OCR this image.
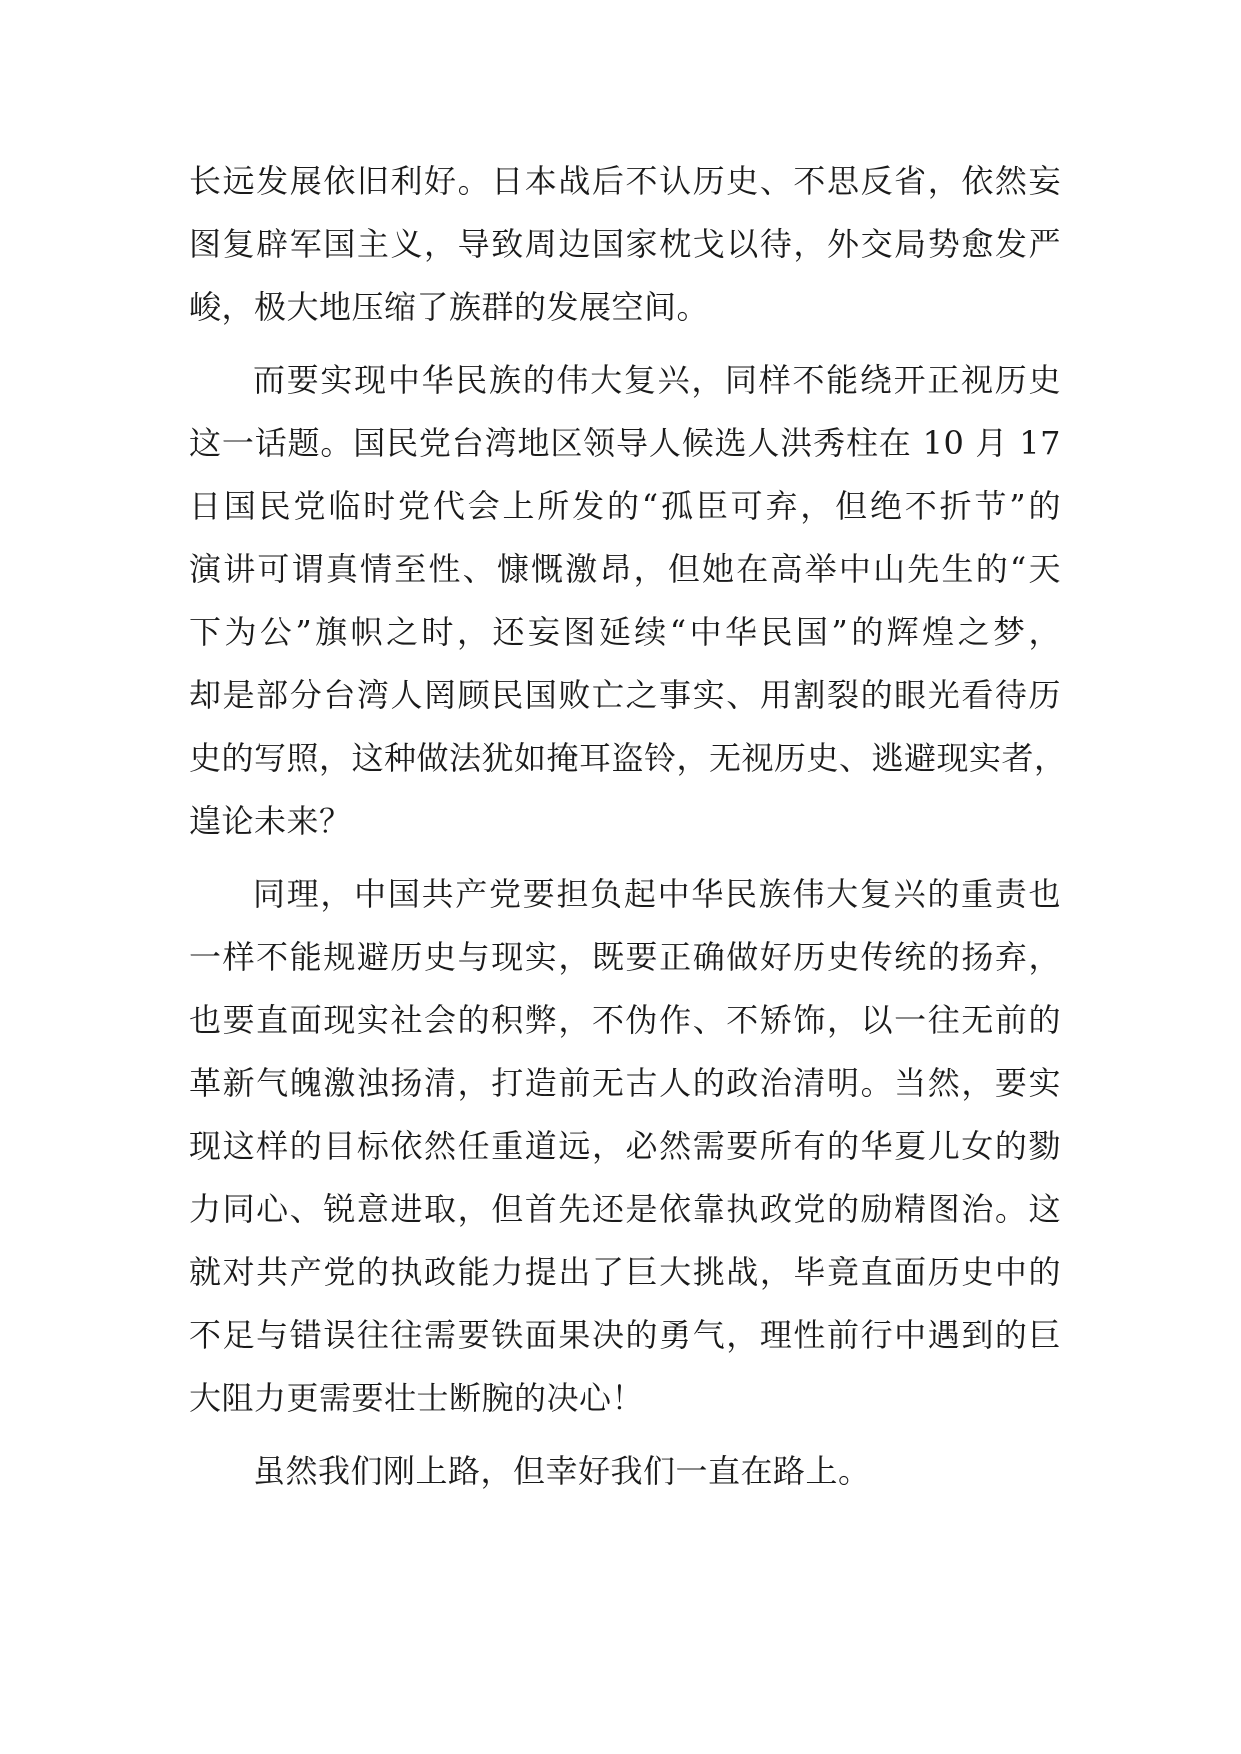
长远发展依旧利好。日本战后不认历史、不思反省，依然妄
图复辟军国主义，导致周边国家枕戈以待，外交局势愈发严
峻，极大地压缩了族群的发展空间。
而要实现中华民族的伟大复兴，同样不能绕开正视历史
这一话题。国民党台湾地区领导人候选人洪秀柱在 10 月 17
日国民党临时党代会上所发的“孤臣可弃，但绝不折节”的
演讲可谓真情至性、慷慨激昂，但她在高举中山先生的“天
下为公”旗帜之时，还妄图延续“中华民国”的辉煌之梦，
却是部分台湾人罔顾民国败亡之事实、用割裂的眼光看待历
史的写照，这种做法犹如掩耳盗铃，无视历史、逃避现实者，
遑论未来？
同理，中国共产党要担负起中华民族伟大复兴的重责也
一样不能规避历史与现实，既要正确做好历史传统的扬弃，
也要直面现实社会的积弊，不伪作、不矫饰，以一往无前的
革新气魄激浊扬清，打造前无古人的政治清明。当然，要实
现这样的目标依然任重道远，必然需要所有的华夏儿女的勠
力同心、锐意进取，但首先还是依靠执政党的励精图治。这
就对共产党的执政能力提出了巨大挑战，毕竟直面历史中的
不足与错误往往需要铁面果决的勇气，理性前行中遇到的巨
大阻力更需要壮士断腕的决心！
虽然我们刚上路，但幸好我们一直在路上。
